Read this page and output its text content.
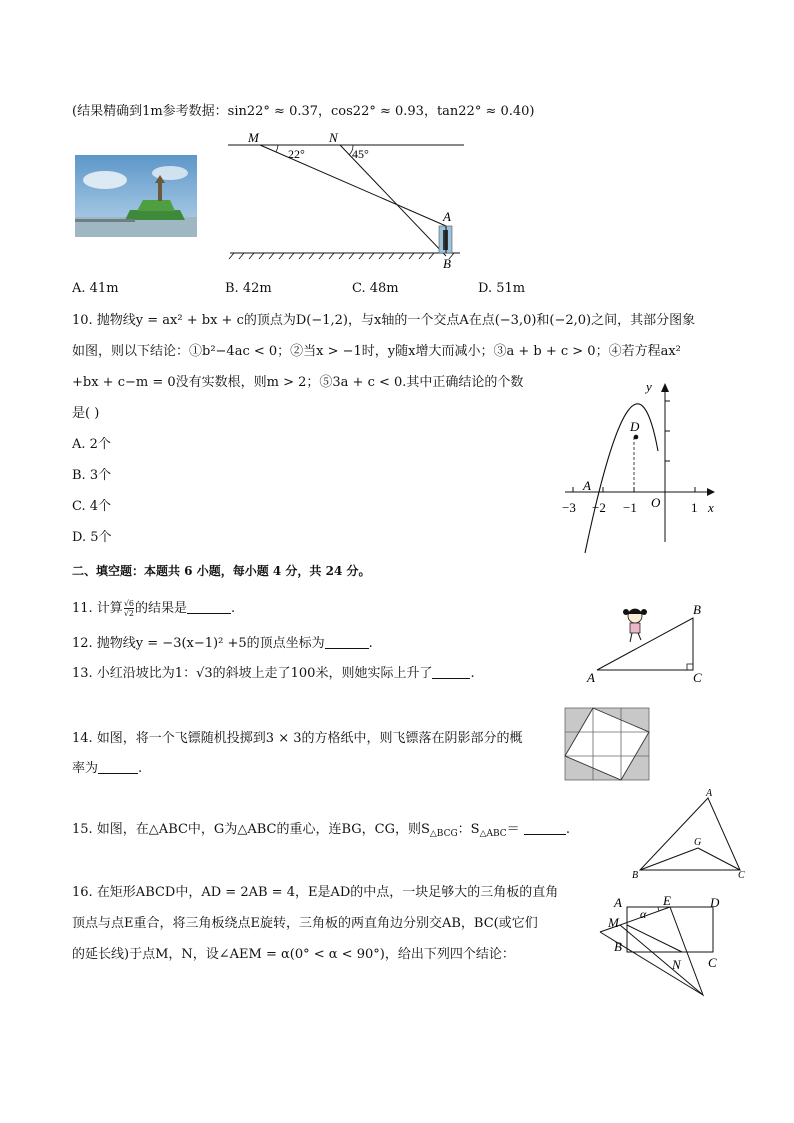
(结果精确到1m参考数据：sin22° ≈ 0.37，cos22° ≈ 0.93，tan22° ≈ 0.40)
M	N
22°	45°
A
B
A. 41m	B. 42m	C. 48m	D. 51m
10. 抛物线y = ax² + bx + c的顶点为D(−1,2)，与x轴的一个交点A在点(−3,0)和(−2,0)之间，其部分图象
如图，则以下结论：①b²−4ac < 0；②当x > −1时，y随x增大而减小；③a + b + c > 0；④若方程ax²
+bx + c−m = 0没有实数根，则m > 2；⑤3a + c < 0.其中正确结论的个数
是( )
A. 2个
B. 3个
C. 4个
D. 5个
y
x
D
A
O
−3 −2 −1	1
二、填空题：本题共 6 小题，每小题 4 分，共 24 分。
11. 计算 $\frac{√6}{√2}$ 的结果是	.
12. 抛物线y = −3(x−1)² +5的顶点坐标为	.
13. 小红沿坡比为1：√3的斜坡上走了100米，则她实际上升了	.
B
A	C
14. 如图，将一个飞镖随机投掷到3 × 3的方格纸中，则飞镖落在阴影部分的概
率为	.
15. 如图，在△ABC中，G为△ABC的重心，连BG，CG，则$S_{\triangle BCG}$：$S_{\triangle ABC}=$	.
A
B	C
G
16. 在矩形ABCD中，AD = 2AB = 4，E是AD的中点，一块足够大的三角板的直角
顶点与点E重合，将三角板绕点E旋转，三角板的两直角边分别交AB，BC(或它们
的延长线)于点M，N，设∠AEM = α(0° < α < 90°)，给出下列四个结论：
A	E	D
M
B
N C
α
